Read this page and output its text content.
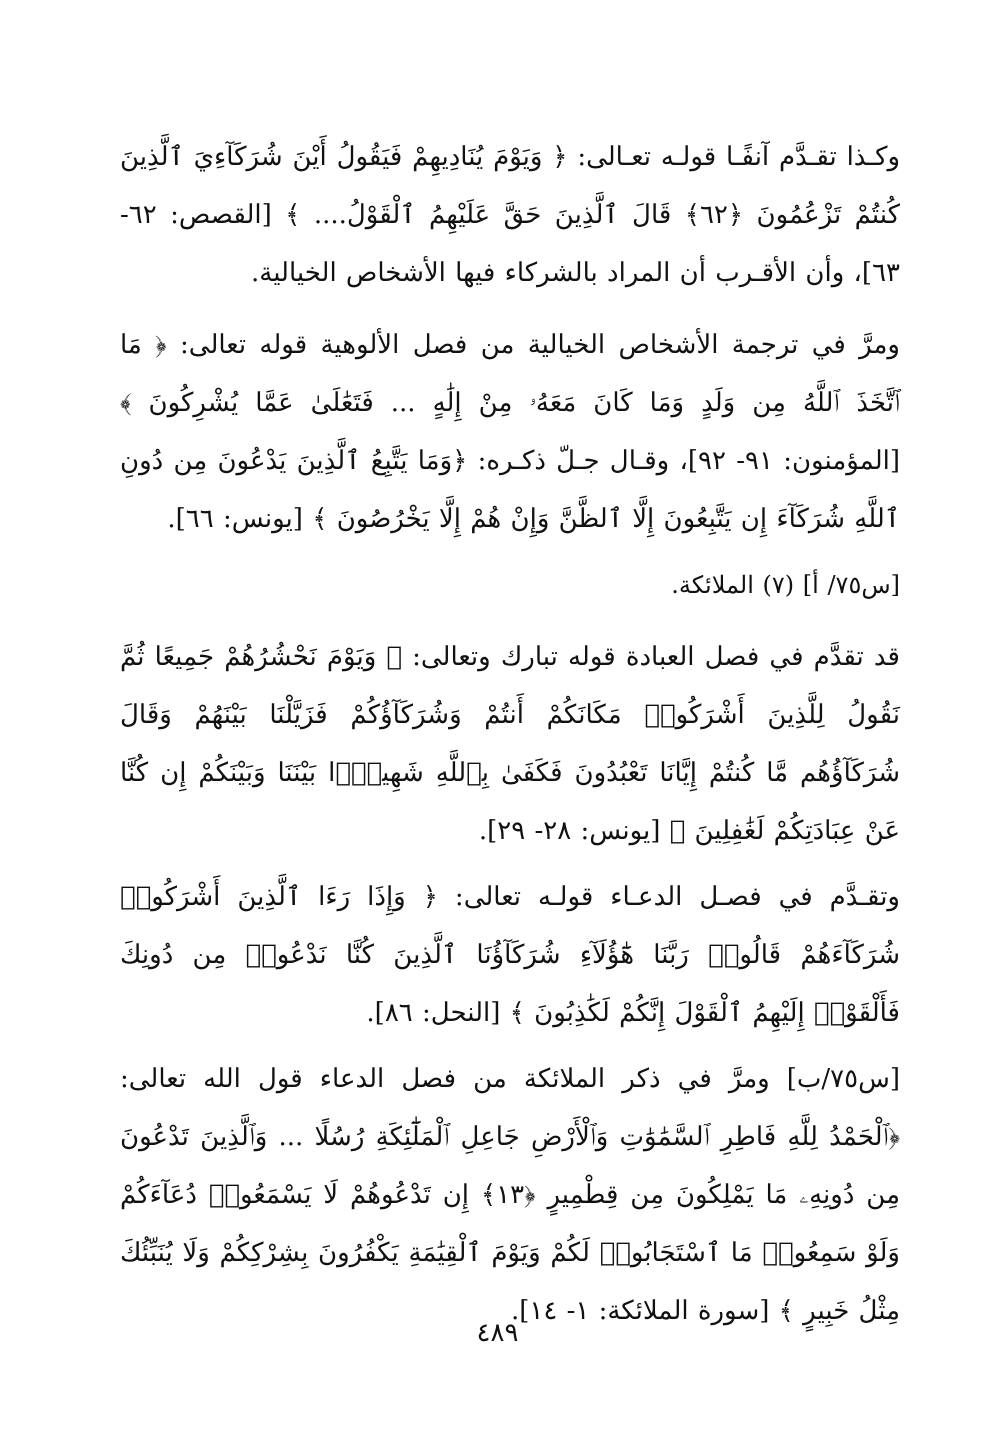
وكـذا تقـدَّم آنفًـا قولـه تعـالى: ﴿ وَيَوْمَ يُنَادِيهِمْ فَيَقُولُ أَيْنَ شُرَكَآءِيَ ٱلَّذِينَ كُنتُمْ تَزْعُمُونَ ﴿٦٢﴾ قَالَ ٱلَّذِينَ حَقَّ عَلَيْهِمُ ٱلْقَوْلُ.... ﴾ [القصص: ٦٢- ٦٣]، وأن الأقـرب أن المراد بالشركاء فيها الأشخاص الخيالية.

ومرَّ في ترجمة الأشخاص الخيالية من فصل الألوهية قوله تعالى: ﴿ مَا ٱتَّخَذَ ٱللَّهُ مِن وَلَدٍ وَمَا كَانَ مَعَهُۥ مِنْ إِلَٰهٍ ... فَتَعَٰلَىٰ عَمَّا يُشْرِكُونَ ﴾ [المؤمنون: ٩١- ٩٢]، وقـال جـلّ ذكـره: ﴿وَمَا يَتَّبِعُ ٱلَّذِينَ يَدْعُونَ مِن دُونِ ٱللَّهِ شُرَكَآءَ إِن يَتَّبِعُونَ إِلَّا ٱلظَّنَّ وَإِنْ هُمْ إِلَّا يَخْرُصُونَ ﴾ [يونس: ٦٦].

[س٧٥/ أ] (٧) الملائكة.

قد تقدَّم في فصل العبادة قوله تبارك وتعالى: ﴿ وَيَوْمَ نَحْشُرُهُمْ جَمِيعًا ثُمَّ نَقُولُ لِلَّذِينَ أَشْرَكُوا۟ مَكَانَكُمْ أَنتُمْ وَشُرَكَآؤُكُمْ فَزَيَّلْنَا بَيْنَهُمْ وَقَالَ شُرَكَآؤُهُم مَّا كُنتُمْ إِيَّانَا تَعْبُدُونَ فَكَفَىٰ بِٱللَّهِ شَهِيدًۢا بَيْنَنَا وَبَيْنَكُمْ إِن كُنَّا عَنْ عِبَادَتِكُمْ لَغَٰفِلِينَ ﴾ [يونس: ٢٨- ٢٩].

وتقـدَّم في فصـل الدعـاء قولـه تعالى: ﴿ وَإِذَا رَءَا ٱلَّذِينَ أَشْرَكُوا۟ شُرَكَآءَهُمْ قَالُوا۟ رَبَّنَا هَٰٓؤُلَآءِ شُرَكَآؤُنَا ٱلَّذِينَ كُنَّا نَدْعُوا۟ مِن دُونِكَ فَأَلْقَوْا۟ إِلَيْهِمُ ٱلْقَوْلَ إِنَّكُمْ لَكَٰذِبُونَ ﴾ [النحل: ٨٦].

[س٧٥/ب] ومرَّ في ذكر الملائكة من فصل الدعاء قول الله تعالى: ﴿ٱلْحَمْدُ لِلَّهِ فَاطِرِ ٱلسَّمَٰوَٰتِ وَٱلْأَرْضِ جَاعِلِ ٱلْمَلَٰٓئِكَةِ رُسُلًا ... وَٱلَّذِينَ تَدْعُونَ مِن دُونِهِۦ مَا يَمْلِكُونَ مِن قِطْمِيرٍ ﴿١٣﴾ إِن تَدْعُوهُمْ لَا يَسْمَعُوا۟ دُعَآءَكُمْ وَلَوْ سَمِعُوا۟ مَا ٱسْتَجَابُوا۟ لَكُمْ وَيَوْمَ ٱلْقِيَٰمَةِ يَكْفُرُونَ بِشِرْكِكُمْ وَلَا يُنَبِّئُكَ مِثْلُ خَبِيرٍ ﴾ [سورة الملائكة: ١- ١٤].

٤٨٩
